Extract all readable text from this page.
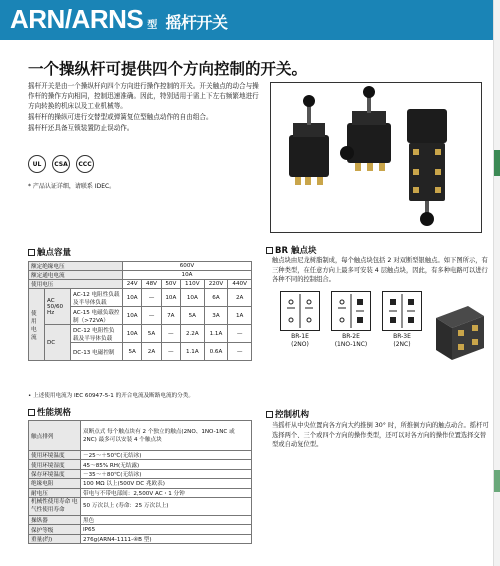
ARN/ARNS 型 摇杆开关
一个操纵杆可提供四个方向控制的开关。

摇杆开关是由一个操纵杆向四个方向进行操作控制的开关。开关触点的动合与操作杆的操作方向相同，控制迅速准确。因此，特别适用于需上下左右频繁地进行方向转换的机床以及工业机械等。

摇杆杆的操纵可进行交替型或弹簧复位型触点动作的自由组合。

摇杆杆还具备互锁装置防止误动作。

UL	CSA	CCC
* 产品认证详细，请联系 IDEC。
触点容量
额定绝缘电压			600V					
额定通电电流			10A					
使用电压			24V	48V	50V	110V	220V	440V
使用电流	AC
50/60 Hz	AC-12 电阻性负载及半导体负载	10A	—	10A	10A	6A	2A
		AC-15 电磁负载控制（>72VA）	10A	—	7A	5A	3A	1A
	DC	DC-12 电阻性负载及半导体负载	10A	5A	—	2.2A	1.1A	—
		DC-13 电磁控制	5A	2A	—	1.1A	0.6A	—
• 上述使用电流为 IEC 60947-5-1 的开合电流及断路电流的分类。
性能规格
触点排列	双断点式 每个触点块有 2 个独立的触点(2NO、1NO-1NC 或 2NC) 最多可以安装 4 个触点块
使用环境温度	－25～＋50℃(无结冰)
使用环境湿度	45～85% RH(无结露)
保存环境温度	－35～＋80℃(无结冰)
绝缘电阻	100 MΩ 以上(500V DC 兆欧表)
耐电压	带电与不带电部间：2,500V AC・1 分钟
机械性使用寿命 电气性使用寿命	50 万次以上 (寿命：25 万次以上)
操纵器	黑色
保护等级	IP65
重量(约)	276g(ARN4-1111-④B 型)
BR 触点块
触点块由尼龙树脂制成，每个触点块包括 2 对双断型银触点。如下图所示，有三种类型，在任意方向上最多可安装 4 层触点块，因此，有多种电路可以进行各种不同的控制组合。
BR-1E
(2NO)
BR-2E
(1NO-1NC)
BR-3E
(2NC)
控制机构
当摇杆从中央位置向各方向大约推倒 30° 时，所推倒方向的触点动合。摇杆可选择两个、三个或四个方向的操作类型，还可以对各方向的操作位置选择交替型或自动复位型。
